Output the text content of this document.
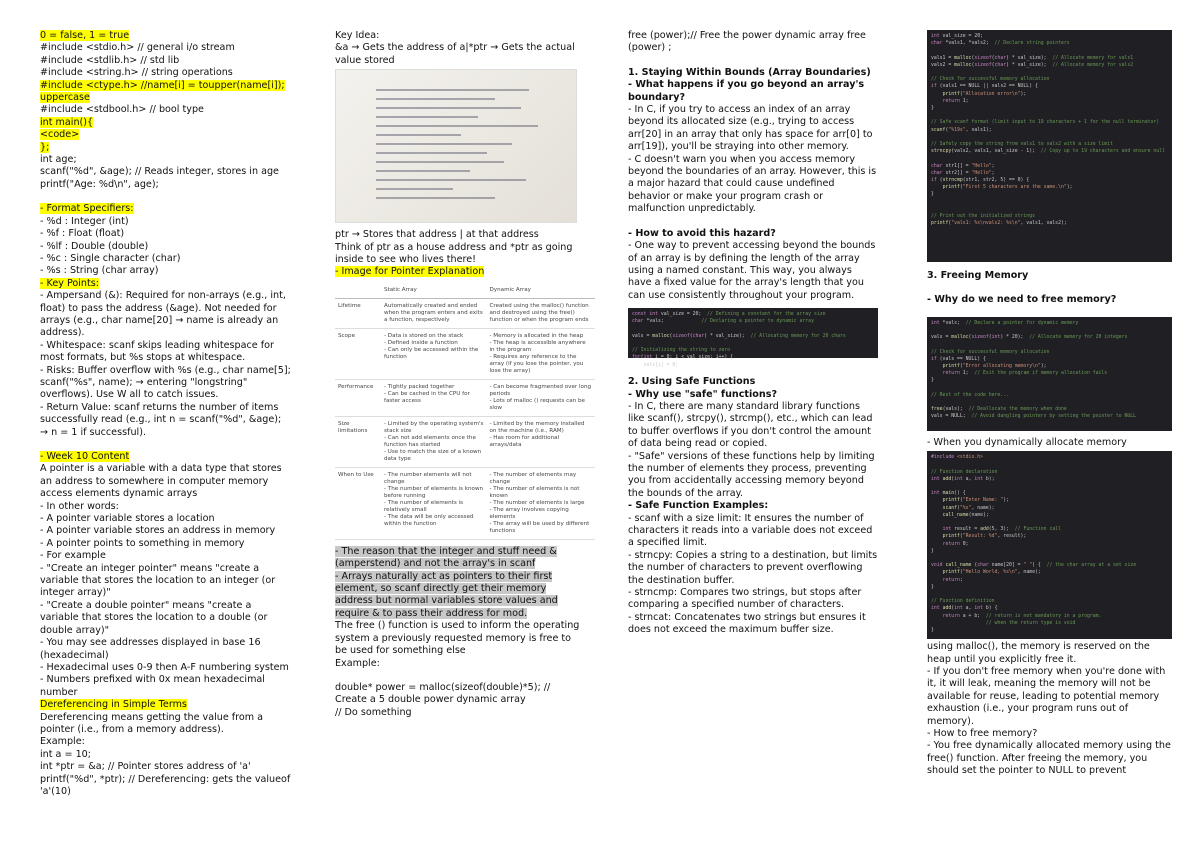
0 = false, 1 = true
#include <stdio.h> // general i/o stream
#include <stdlib.h> // std lib
#include <string.h> // string operations
#include <ctype.h> //name[i] = toupper(name[i]); uppercase
#include <stdbool.h> // bool type
int main(){
<code>
};
int age;
scanf("%d", &age); // Reads integer, stores in age
printf("Age: %d\n", age);
- Format Specifiers:
- %d : Integer (int)
- %f : Float (float)
- %lf : Double (double)
- %c : Single character (char)
- %s : String (char array)
- Key Points:
- Ampersand (&): Required for non-arrays (e.g., int, float) to pass the address (&age). Not needed for arrays (e.g., char name[20] → name is already an address).
- Whitespace: scanf skips leading whitespace for most formats, but %s stops at whitespace.
- Risks: Buffer overflow with %s (e.g., char name[5]; scanf("%s", name); → entering "longstring" overflows). Use W all to catch issues.
- Return Value: scanf returns the number of items successfully read (e.g., int n = scanf("%d", &age); → n = 1 if successful).
- Week 10 Content
A pointer is a variable with a data type that stores an address to somewhere in computer memory access elements dynamic arrays
- In other words:
- A pointer variable stores a location
- A pointer variable stores an address in memory
- A pointer points to something in memory
- For example
- "Create an integer pointer" means "create a variable that stores the location to an integer (or integer array)"
- "Create a double pointer" means "create a variable that stores the location to a double (or double array)"
- You may see addresses displayed in base 16 (hexadecimal)
- Hexadecimal uses 0-9 then A-F numbering system
- Numbers prefixed with 0x mean hexadecimal number
Dereferencing in Simple Terms
Dereferencing means getting the value from a pointer (i.e., from a memory address).
Example:
int a = 10;
int *ptr = &a; // Pointer stores address of 'a'
printf("%d", *ptr); // Dereferencing: gets the valueof 'a'(10)
Key Idea:
&a → Gets the address of a|*ptr → Gets the actual value stored
ptr → Stores that address | at that address
Think of ptr as a house address and *ptr as going inside to see who lives there!
- Image for Pointer Explanation
	Static Array	Dynamic Array
Lifetime	Automatically created and ended when the program enters and exits a function, respectively	Created using the malloc() function and destroyed using the free() function or when the program ends
Scope	- Data is stored on the stack
- Defined inside a function
- Can only be accessed within the function	- Memory is allocated in the heap
- The heap is accessible anywhere in the program
- Requires any reference to the array (if you lose the pointer, you lose the array)
Performance	- Tightly packed together
- Can be cached in the CPU for faster access	- Can become fragmented over long periods
- Lots of malloc () requests can be slow
Size limitations	- Limited by the operating system's stack size
- Can not add elements once the function has started
- Use to match the size of a known data type	- Limited by the memory installed on the machine (i.e., RAM)
- Has room for additional arrays/data
When to Use	- The number elements will not change
- The number of elements is known before running
- The number of elements is relatively small
- The data will be only accessed within the function	- The number of elements may change
- The number of elements is not known
- The number of elements is large
- The array involves copying elements
- The array will be used by different functions
- The reason that the integer and stuff need &(amperstend) and not the array's in scanf
- Arrays naturally act as pointers to their first element, so scanf directly get their memory address but normal variables store values and require & to pass their address for mod.
The free () function is used to inform the operating system a previously requested memory is free to be used for something else
Example:
double* power = malloc(sizeof(double)*5); // Create a 5 double power dynamic array
// Do something
free (power);// Free the power dynamic array free (power) ;
1. Staying Within Bounds (Array Boundaries)
- What happens if you go beyond an array's boundary?
- In C, if you try to access an index of an array beyond its allocated size (e.g., trying to access arr[20] in an array that only has space for arr[0] to arr[19]), you'll be straying into other memory.
- C doesn't warn you when you access memory beyond the boundaries of an array. However, this is a major hazard that could cause undefined behavior or make your program crash or malfunction unpredictably.
- How to avoid this hazard?
- One way to prevent accessing beyond the bounds of an array is by defining the length of the array using a named constant. This way, you always have a fixed value for the array's length that you can use consistently throughout your program.
const int val_size = 20;  // Defining a constant for the array size
char *vals;             // Declaring a pointer to dynamic array

vals = malloc(sizeof(char) * val_size);  // Allocating memory for 20 chars

// Initializing the string to zero
for(int i = 0; i < val_size; i++) {
vals[i] = 0;
2. Using Safe Functions
- Why use "safe" functions?
- In C, there are many standard library functions like scanf(), strcpy(), strcmp(), etc., which can lead to buffer overflows if you don't control the amount of data being read or copied.
- "Safe" versions of these functions help by limiting the number of elements they process, preventing you from accidentally accessing memory beyond the bounds of the array.
- Safe Function Examples:
- scanf with a size limit: It ensures the number of characters it reads into a variable does not exceed a specified limit.
- strncpy: Copies a string to a destination, but limits the number of characters to prevent overflowing the destination buffer.
- strncmp: Compares two strings, but stops after comparing a specified number of characters.
- strncat: Concatenates two strings but ensures it does not exceed the maximum buffer size.
int val_size = 20;
char *vals1, *vals2;  // Declare string pointers

vals1 = malloc(sizeof(char) * val_size);  // Allocate memory for vals1
vals2 = malloc(sizeof(char) * val_size);  // Allocate memory for vals2

// Check for successful memory allocation
if (vals1 == NULL || vals2 == NULL) {
printf("Allocation error\n");
return 1;
}

// Safe scanf format (limit input to 19 characters + 1 for the null terminator)
scanf("%19s", vals1);

// Safely copy the string from vals1 to vals2 with a size limit
strncpy(vals2, vals1, val_size - 1);  // Copy up to 19 characters and ensure null

char str1[] = "Hello";
char str2[] = "Hello";
if (strncmp(str1, str2, 5) == 0) {
printf("First 5 characters are the same.\n");
}

// Print out the initialized strings
printf("vals1: %s\nvals2: %s\n", vals1, vals2);
3. Freeing Memory
- Why do we need to free memory?
int *vals;  // Declare a pointer for dynamic memory

vals = malloc(sizeof(int) * 20);  // Allocate memory for 20 integers

// Check for successful memory allocation
if (vals == NULL) {
printf("Error allocating memory\n");
return 1;  // Exit the program if memory allocation fails
}

// Rest of the code here...

free(vals);  // Deallocate the memory when done
vals = NULL;  // Avoid dangling pointers by setting the pointer to NULL
- When you dynamically allocate memory
#include <stdio.h>

// Function declaration
int add(int a, int b);

int main() {
printf("Enter Name: ");
scanf("%s", name);
call_name(name);

int result = add(5, 3);  // Function call
printf("Result: %d", result);
return 0;
}

void call_name (char name[20] = " ") {  // the char array at a set size
printf("Hello World, %s\n", name);
return;
}

// Function definition
int add(int a, int b) {
return a + b;  // return is not mandatory in a program.
// when the return type is void
}
using malloc(), the memory is reserved on the heap until you explicitly free it.
- If you don't free memory when you're done with it, it will leak, meaning the memory will not be available for reuse, leading to potential memory exhaustion (i.e., your program runs out of memory).
- How to free memory?
- You free dynamically allocated memory using the free() function. After freeing the memory, you should set the pointer to NULL to prevent
